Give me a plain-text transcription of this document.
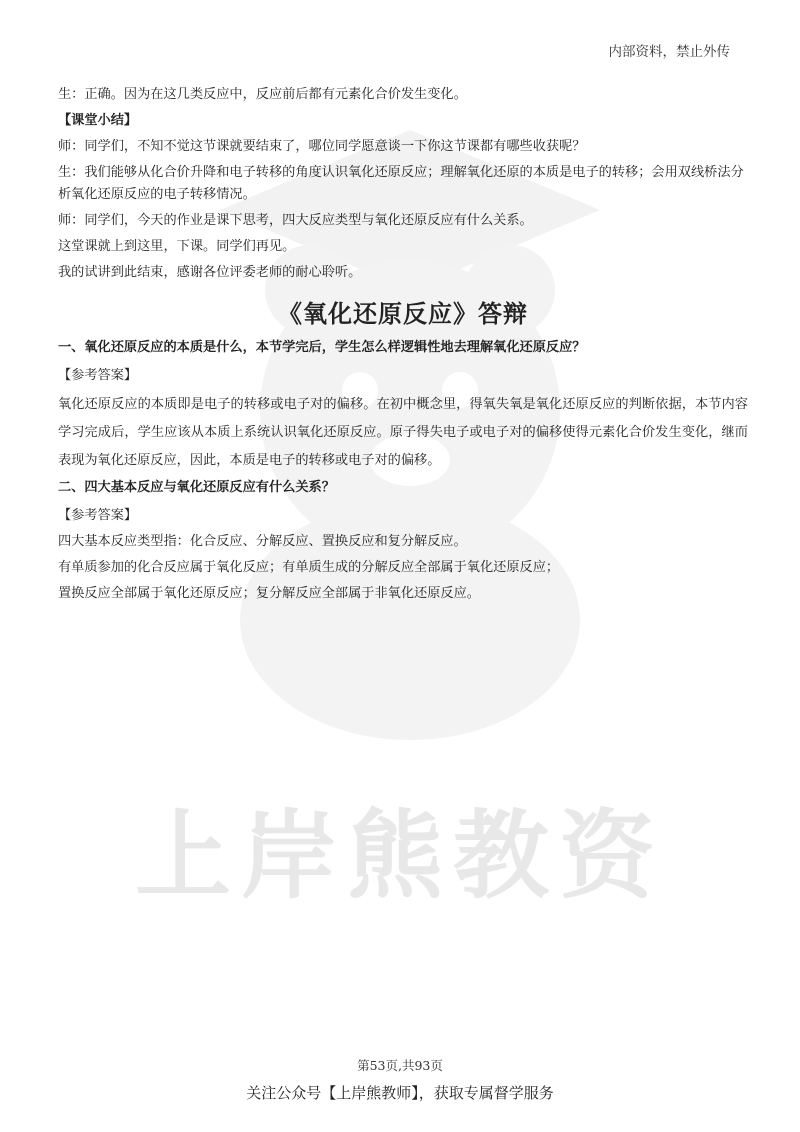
上岸熊教资
内部资料，禁止外传
生：正确。因为在这几类反应中，反应前后都有元素化合价发生变化。
【课堂小结】
师：同学们，不知不觉这节课就要结束了，哪位同学愿意谈一下你这节课都有哪些收获呢？
生：我们能够从化合价升降和电子转移的角度认识氧化还原反应；理解氧化还原的本质是电子的转移；会用双线桥法分析氧化还原反应的电子转移情况。
师：同学们，今天的作业是课下思考，四大反应类型与氧化还原反应有什么关系。
这堂课就上到这里，下课。同学们再见。
我的试讲到此结束，感谢各位评委老师的耐心聆听。
《氧化还原反应》答辩
一、氧化还原反应的本质是什么，本节学完后，学生怎么样逻辑性地去理解氧化还原反应？
【参考答案】
氧化还原反应的本质即是电子的转移或电子对的偏移。在初中概念里，得氧失氧是氧化还原反应的判断依据，本节内容学习完成后，学生应该从本质上系统认识氧化还原反应。原子得失电子或电子对的偏移使得元素化合价发生变化，继而表现为氧化还原反应，因此，本质是电子的转移或电子对的偏移。
二、四大基本反应与氧化还原反应有什么关系？
【参考答案】
四大基本反应类型指：化合反应、分解反应、置换反应和复分解反应。
有单质参加的化合反应属于氧化反应；有单质生成的分解反应全部属于氧化还原反应；
置换反应全部属于氧化还原反应；复分解反应全部属于非氧化还原反应。
第53页,共93页
关注公众号【上岸熊教师】，获取专属督学服务
